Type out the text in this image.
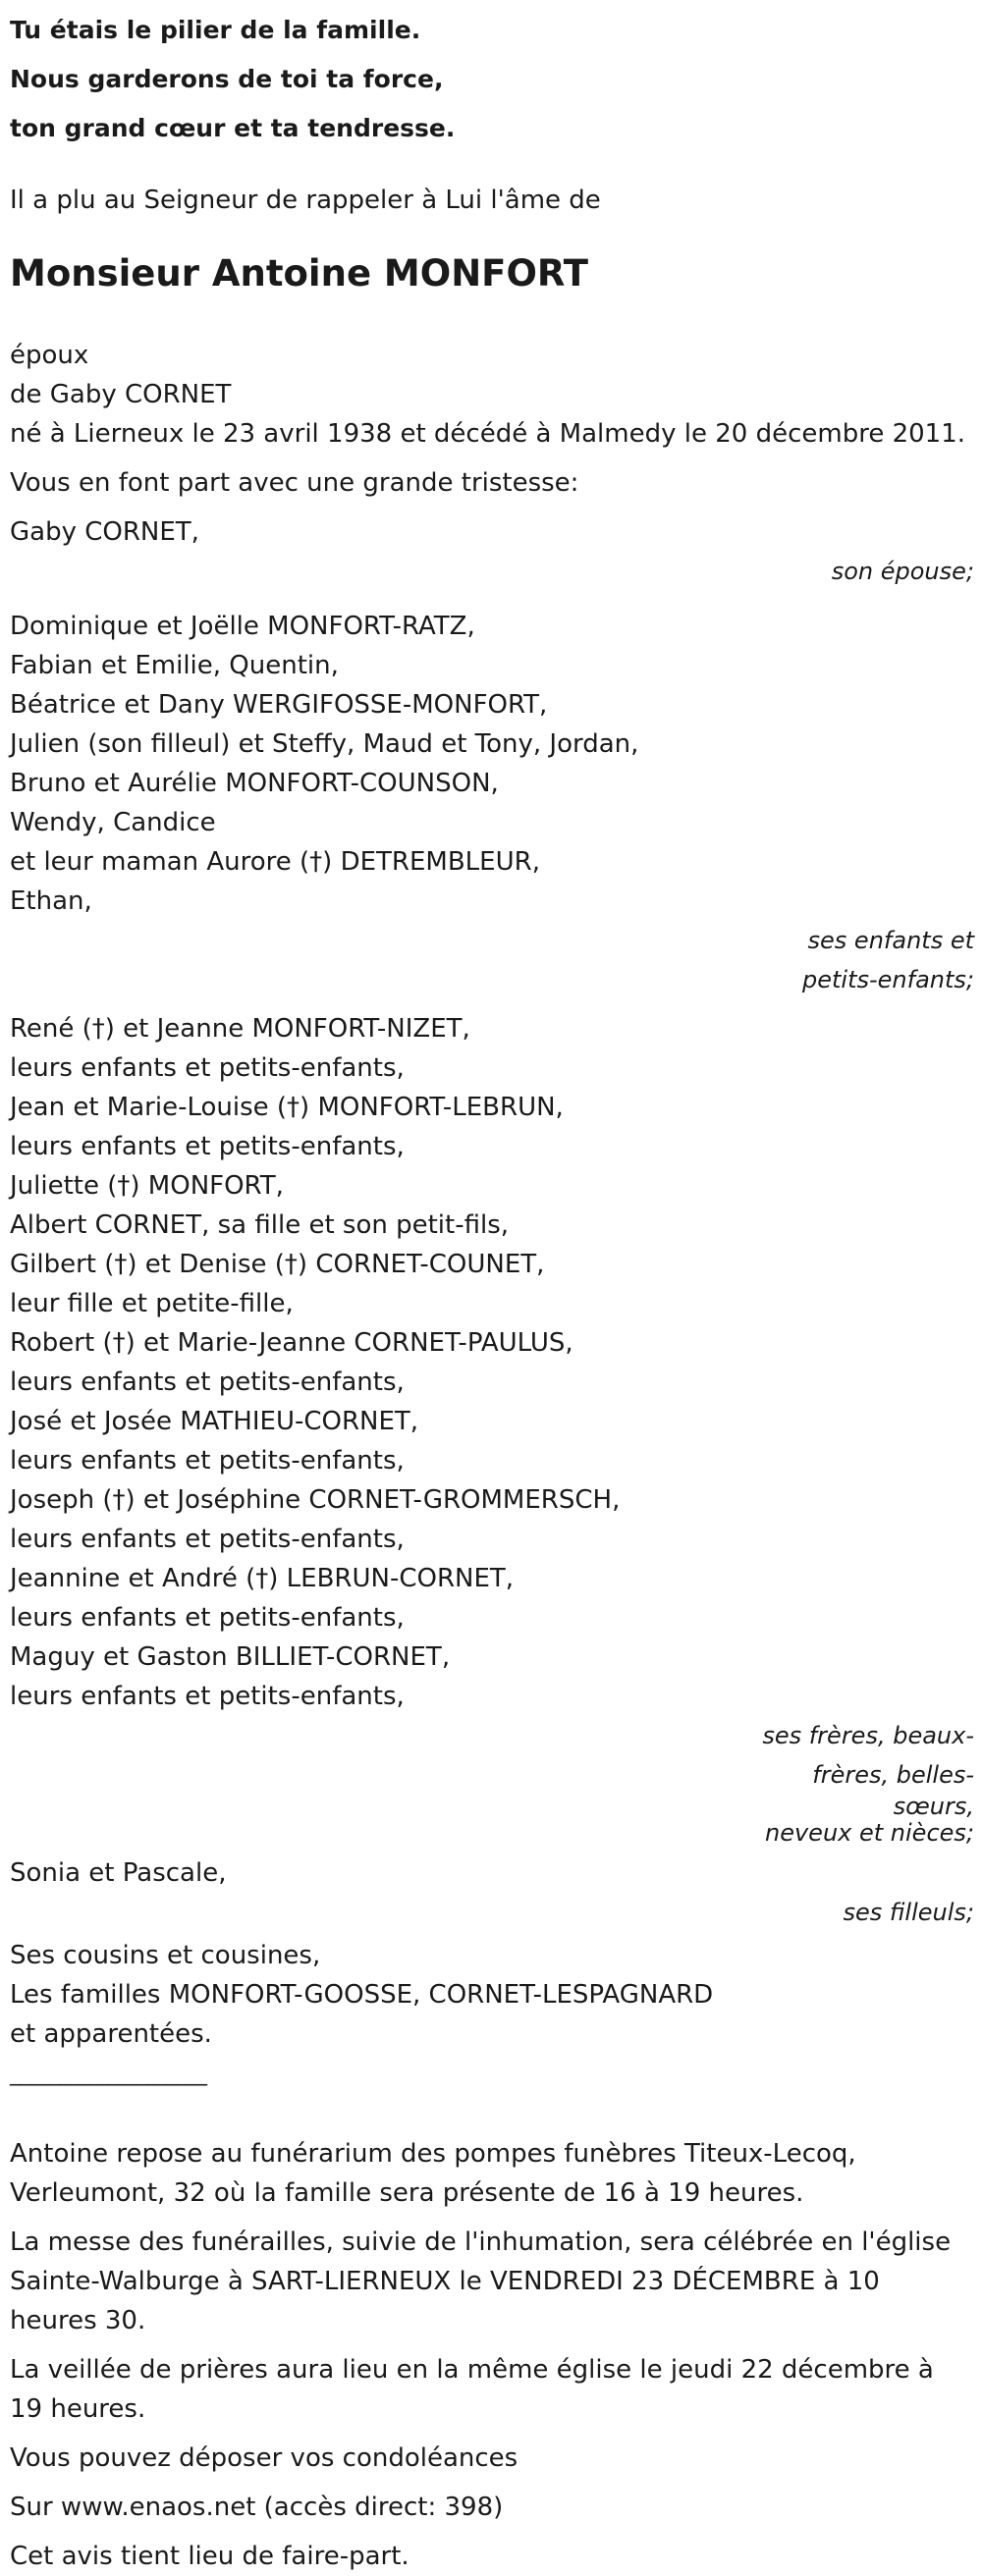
Tu étais le pilier de la famille.

Nous garderons de toi ta force,

ton grand cœur et ta tendresse.

Il a plu au Seigneur de rappeler à Lui l'âme de

Monsieur Antoine MONFORT

époux

de Gaby CORNET

né à Lierneux le 23 avril 1938 et décédé à Malmedy le 20 décembre 2011.

Vous en font part avec une grande tristesse:

Gaby CORNET,

son épouse;

Dominique et Joëlle MONFORT-RATZ,

Fabian et Emilie, Quentin,

Béatrice et Dany WERGIFOSSE-MONFORT,

Julien (son filleul) et Steffy, Maud et Tony, Jordan,

Bruno et Aurélie MONFORT-COUNSON,

Wendy, Candice

et leur maman Aurore (†) DETREMBLEUR,

Ethan,

ses enfants et

petits-enfants;

René (†) et Jeanne MONFORT-NIZET,

leurs enfants et petits-enfants,

Jean et Marie-Louise (†) MONFORT-LEBRUN,

leurs enfants et petits-enfants,

Juliette (†) MONFORT,

Albert CORNET, sa fille et son petit-fils,

Gilbert (†) et Denise (†) CORNET-COUNET,

leur fille et petite-fille,

Robert (†) et Marie-Jeanne CORNET-PAULUS,

leurs enfants et petits-enfants,

José et Josée MATHIEU-CORNET,

leurs enfants et petits-enfants,

Joseph (†) et Joséphine CORNET-GROMMERSCH,

leurs enfants et petits-enfants,

Jeannine et André (†) LEBRUN-CORNET,

leurs enfants et petits-enfants,

Maguy et Gaston BILLIET-CORNET,

leurs enfants et petits-enfants,

ses frères, beaux-

frères, belles-

sœurs,

neveux et nièces;

Sonia et Pascale,

ses filleuls;

Ses cousins et cousines,

Les familles MONFORT-GOOSSE, CORNET-LESPAGNARD

et apparentées.

____________________

Antoine repose au funérarium des pompes funèbres Titeux-Lecoq, Verleumont, 32 où la famille sera présente de 16 à 19 heures.

La messe des funérailles, suivie de l'inhumation, sera célébrée en l'église Sainte-Walburge à SART-LIERNEUX le VENDREDI 23 DÉCEMBRE à 10 heures 30.

La veillée de prières aura lieu en la même église le jeudi 22 décembre à 19 heures.

Vous pouvez déposer vos condoléances

Sur www.enaos.net (accès direct: 398)

Cet avis tient lieu de faire-part.
